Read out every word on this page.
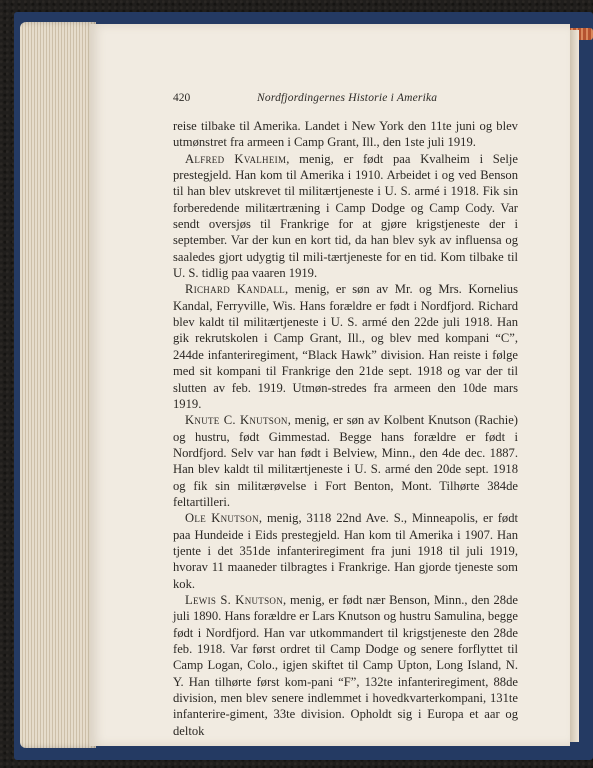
420	Nordfjordingernes Historie i Amerika

reise tilbake til Amerika. Landet i New York den 11te juni og blev utmønstret fra armeen i Camp Grant, Ill., den 1ste juli 1919.

Alfred Kvalheim, menig, er født paa Kvalheim i Selje prestegjeld. Han kom til Amerika i 1910. Arbeidet i og ved Benson til han blev utskrevet til militærtjeneste i U. S. armé i 1918. Fik sin forberedende militærtræning i Camp Dodge og Camp Cody. Var sendt oversjøs til Frankrige for at gjøre krigstjeneste der i september. Var der kun en kort tid, da han blev syk av influensa og saaledes gjort udygtig til mili-tærtjeneste for en tid. Kom tilbake til U. S. tidlig paa vaaren 1919.

Richard Kandall, menig, er søn av Mr. og Mrs. Kornelius Kandal, Ferryville, Wis. Hans forældre er født i Nordfjord. Richard blev kaldt til militærtjeneste i U. S. armé den 22de juli 1918. Han gik rekrutskolen i Camp Grant, Ill., og blev med kompani “C”, 244de infanteriregiment, “Black Hawk” division. Han reiste i følge med sit kompani til Frankrige den 21de sept. 1918 og var der til slutten av feb. 1919. Utmøn-stredes fra armeen den 10de mars 1919.

Knute C. Knutson, menig, er søn av Kolbent Knutson (Rachie) og hustru, født Gimmestad. Begge hans forældre er født i Nordfjord. Selv var han født i Belview, Minn., den 4de dec. 1887. Han blev kaldt til militærtjeneste i U. S. armé den 20de sept. 1918 og fik sin militærøvelse i Fort Benton, Mont. Tilhørte 384de feltartilleri.

Ole Knutson, menig, 3118 22nd Ave. S., Minneapolis, er født paa Hundeide i Eids prestegjeld. Han kom til Amerika i 1907. Han tjente i det 351de infanteriregiment fra juni 1918 til juli 1919, hvorav 11 maaneder tilbragtes i Frankrige. Han gjorde tjeneste som kok.

Lewis S. Knutson, menig, er født nær Benson, Minn., den 28de juli 1890. Hans forældre er Lars Knutson og hustru Samulina, begge født i Nordfjord. Han var utkommandert til krigstjeneste den 28de feb. 1918. Var først ordret til Camp Dodge og senere forflyttet til Camp Logan, Colo., igjen skiftet til Camp Upton, Long Island, N. Y. Han tilhørte først kom-pani “F”, 132te infanteriregiment, 88de division, men blev senere indlemmet i hovedkvarterkompani, 131te infanterire-giment, 33te division. Opholdt sig i Europa et aar og deltok
